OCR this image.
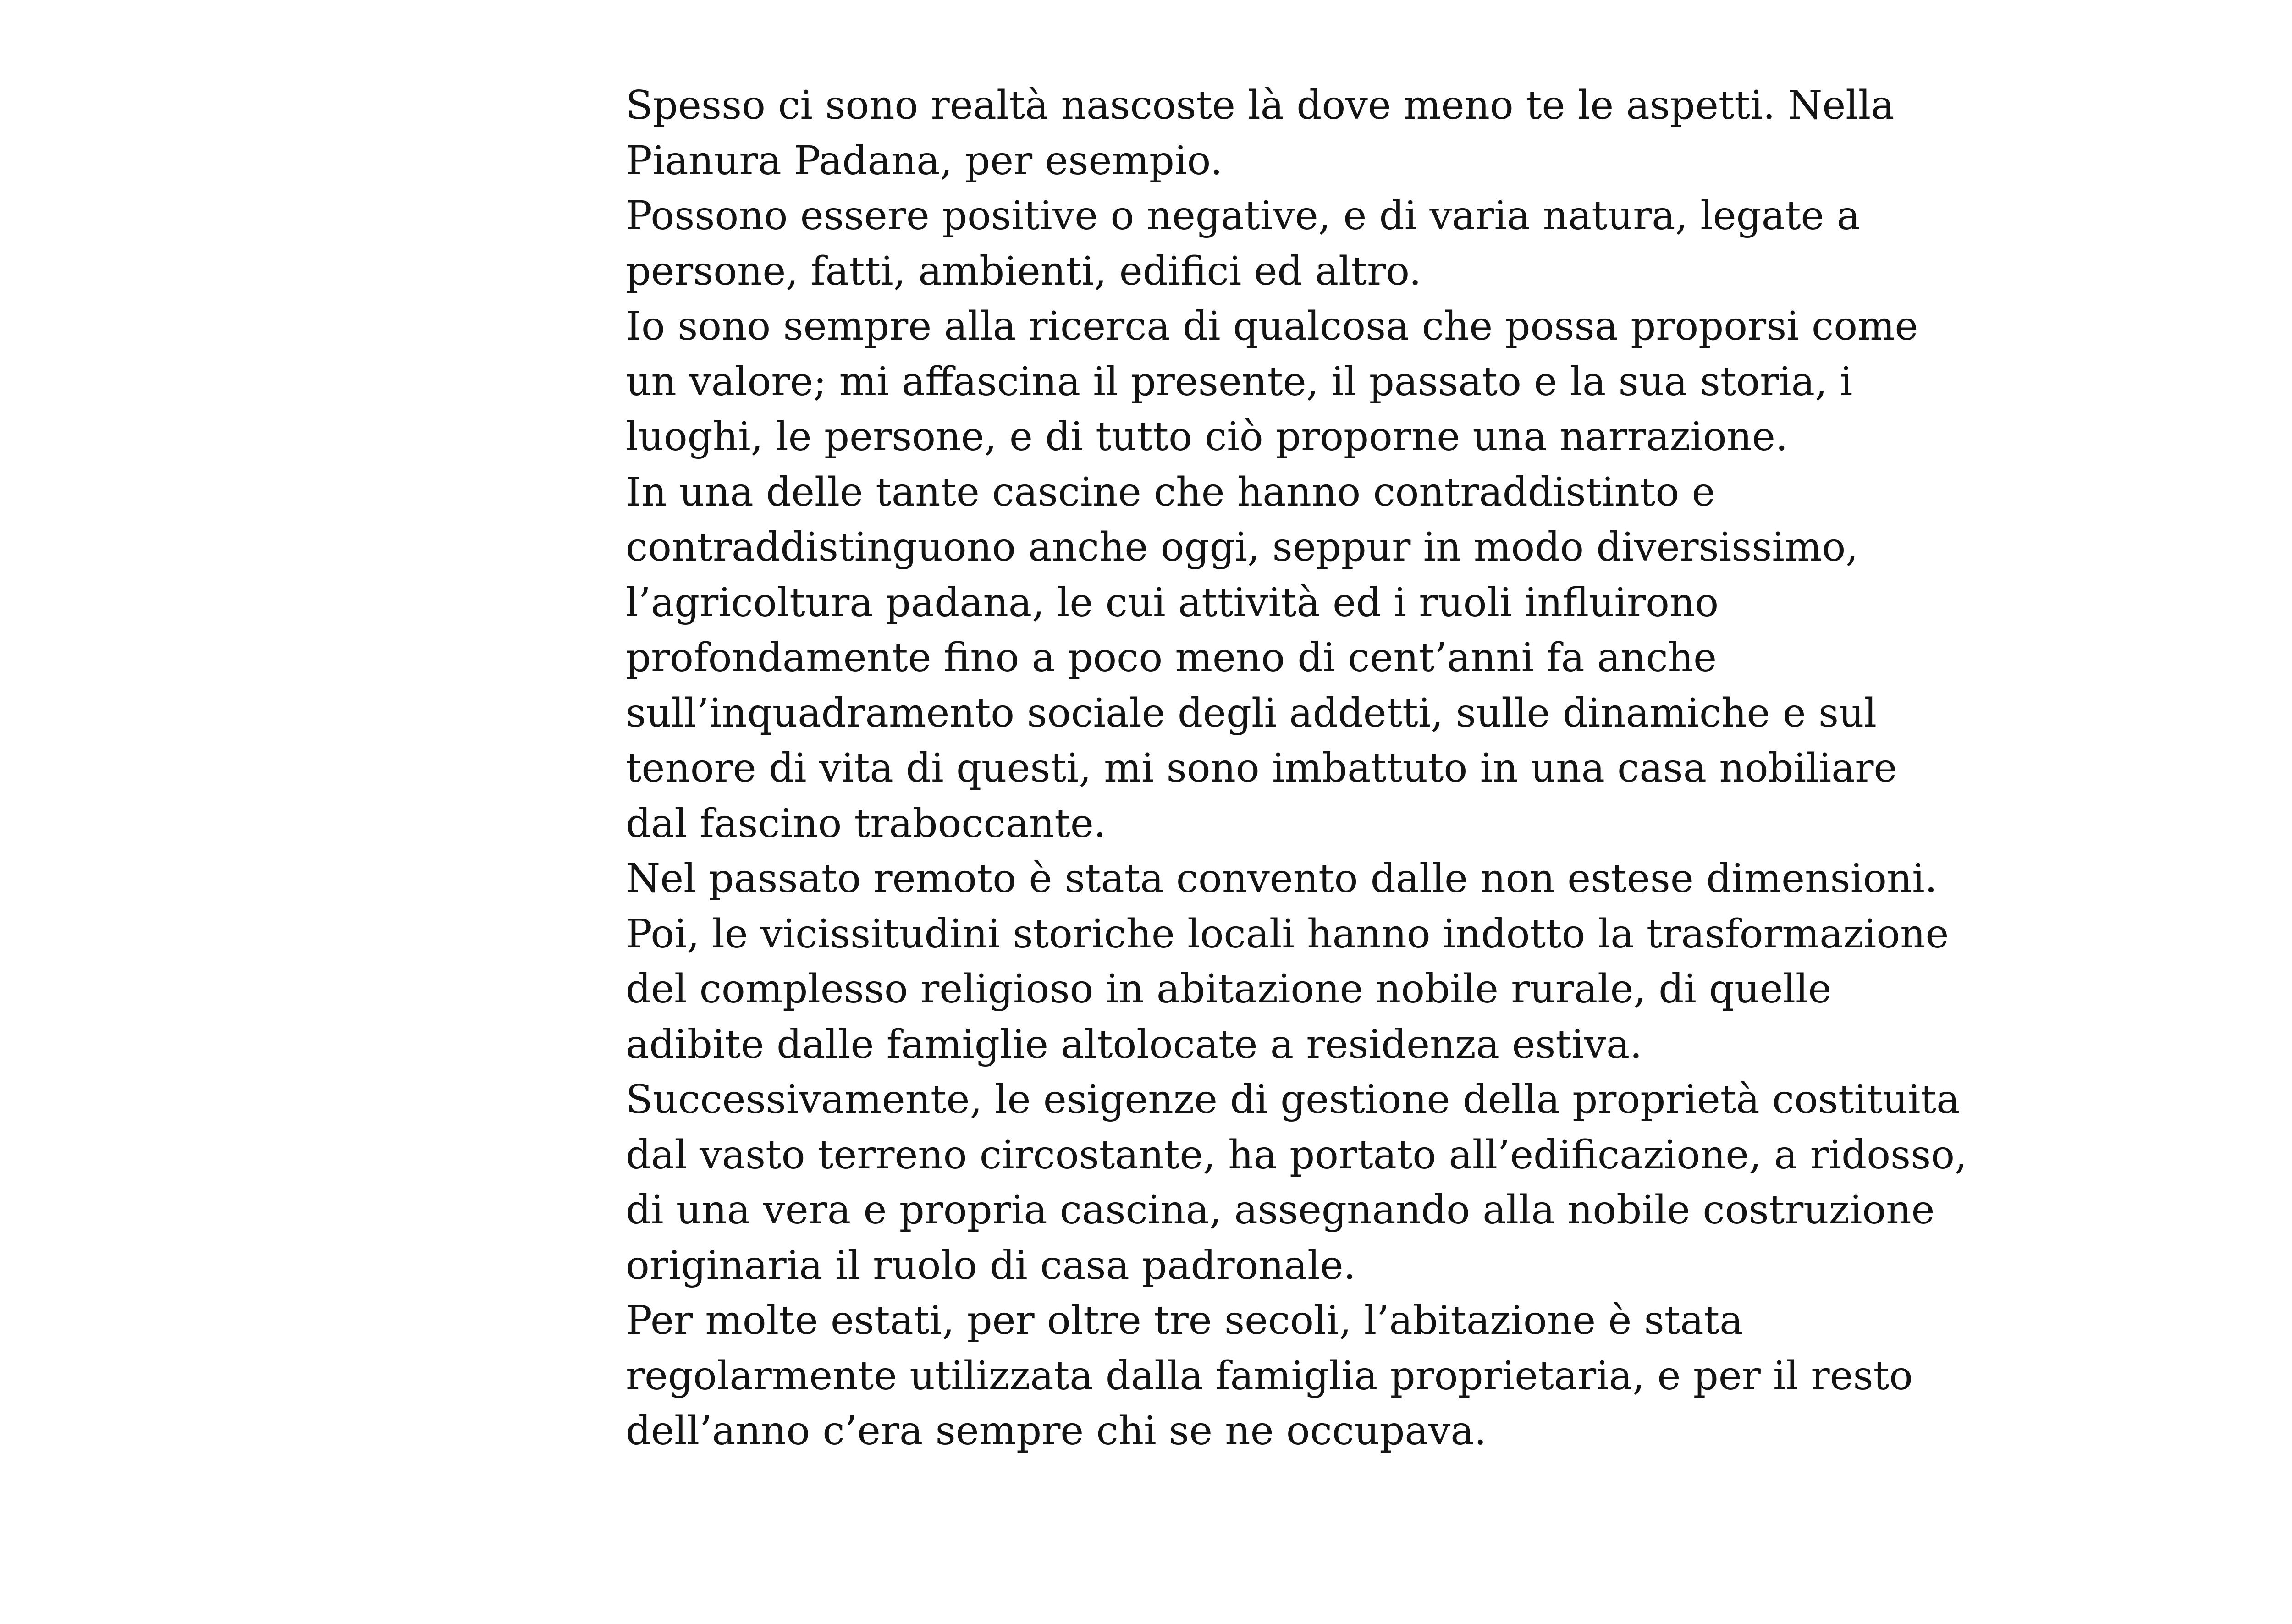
Spesso ci sono realtà nascoste là dove meno te le aspetti. Nella
Pianura Padana, per esempio.
Possono essere positive o negative, e di varia natura, legate a
persone, fatti, ambienti, edifici ed altro.
Io sono sempre alla ricerca di qualcosa che possa proporsi come
un valore; mi affascina il presente, il passato e la sua storia, i
luoghi, le persone, e di tutto ciò proporne una narrazione.
In una delle tante cascine che hanno contraddistinto e
contraddistinguono anche oggi, seppur in modo diversissimo,
l’agricoltura padana, le cui attività ed i ruoli influirono
profondamente fino a poco meno di cent’anni fa anche
sull’inquadramento sociale degli addetti, sulle dinamiche e sul
tenore di vita di questi, mi sono imbattuto in una casa nobiliare
dal fascino traboccante.
Nel passato remoto è stata convento dalle non estese dimensioni.
Poi, le vicissitudini storiche locali hanno indotto la trasformazione
del complesso religioso in abitazione nobile rurale, di quelle
adibite dalle famiglie altolocate a residenza estiva.
Successivamente, le esigenze di gestione della proprietà costituita
dal vasto terreno circostante, ha portato all’edificazione, a ridosso,
di una vera e propria cascina, assegnando alla nobile costruzione
originaria il ruolo di casa padronale.
Per molte estati, per oltre tre secoli, l’abitazione è stata
regolarmente utilizzata dalla famiglia proprietaria, e per il resto
dell’anno c’era sempre chi se ne occupava.
